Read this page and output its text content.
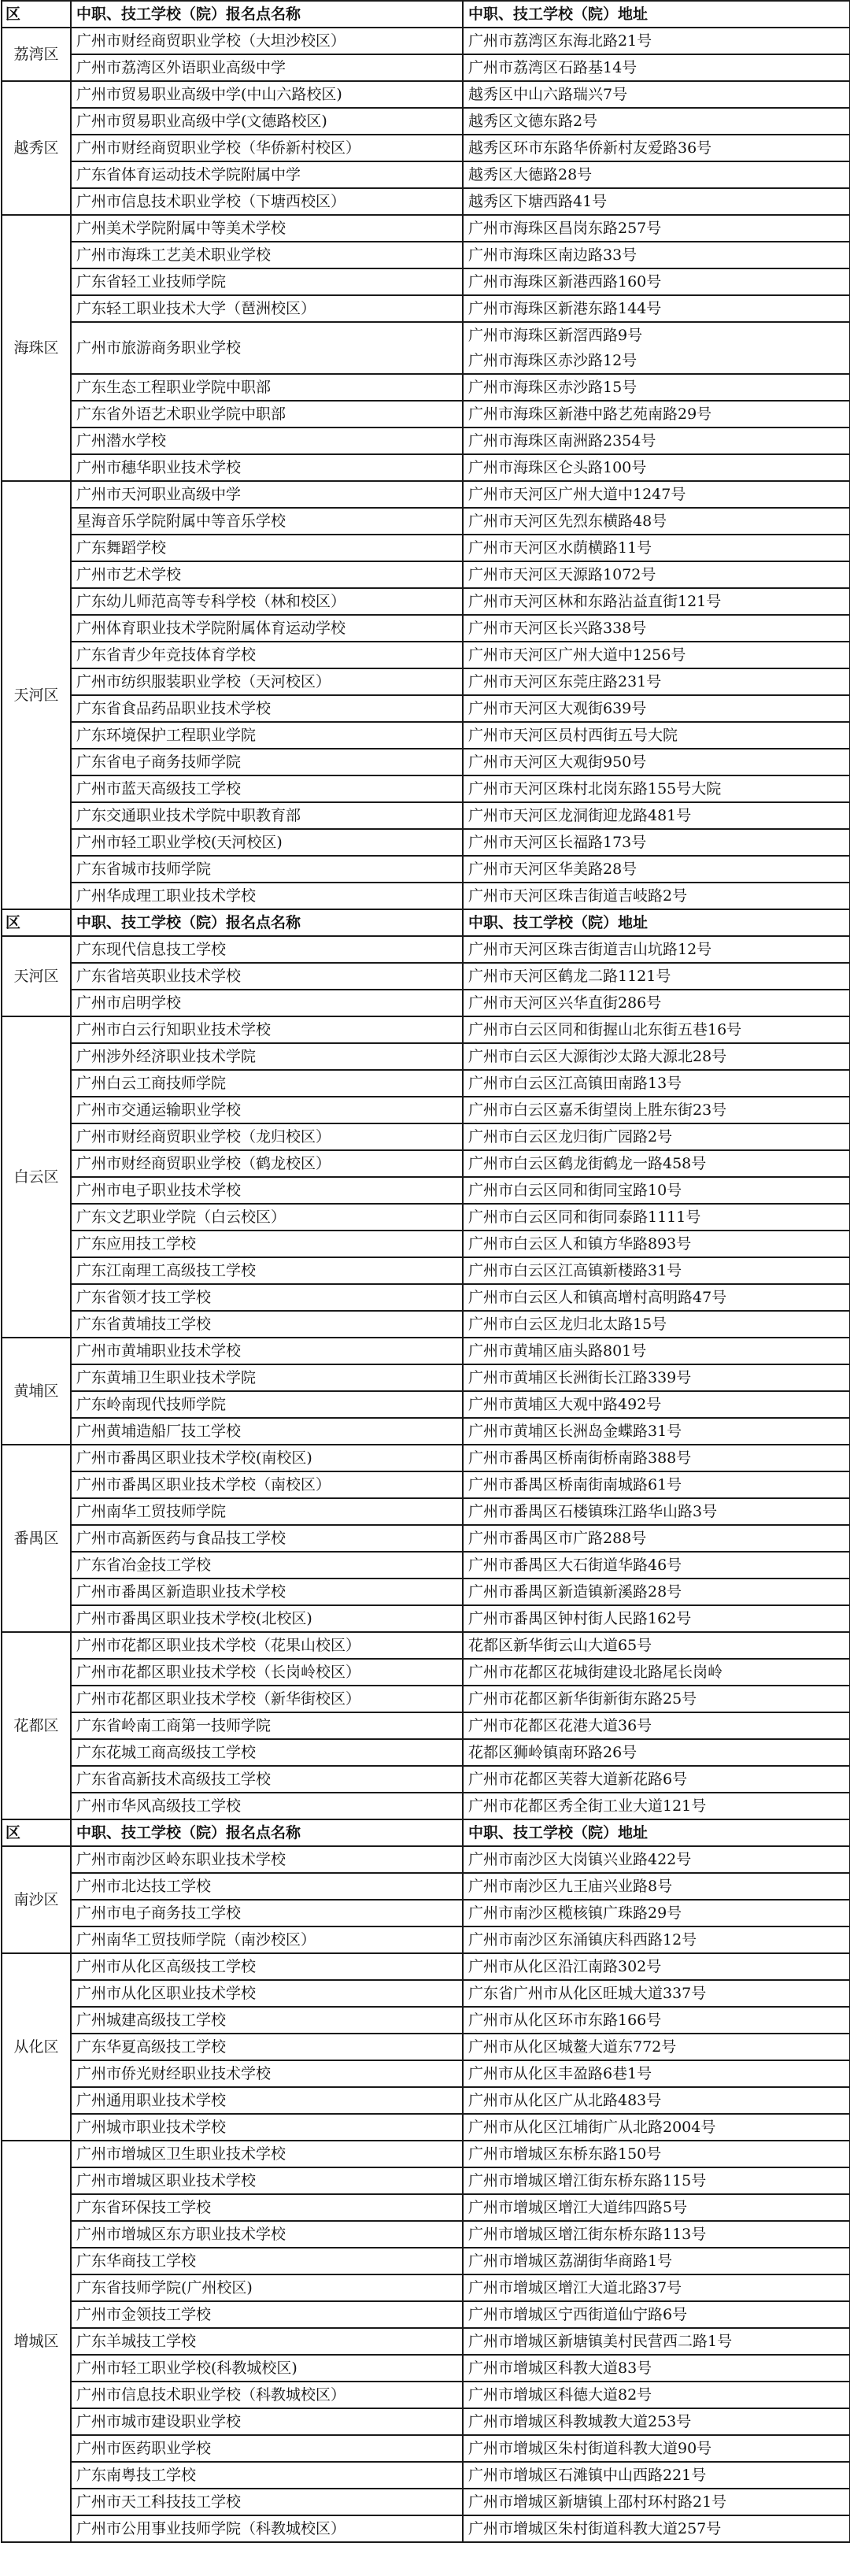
区	中职、技工学校（院）报名点名称	中职、技工学校（院）地址
荔湾区	广州市财经商贸职业学校（大坦沙校区）	广州市荔湾区东海北路21号
	广州市荔湾区外语职业高级中学	广州市荔湾区石路基14号
越秀区	广州市贸易职业高级中学(中山六路校区)	越秀区中山六路瑞兴7号
	广州市贸易职业高级中学(文德路校区)	越秀区文德东路2号
	广州市财经商贸职业学校（华侨新村校区）	越秀区环市东路华侨新村友爱路36号
	广东省体育运动技术学院附属中学	越秀区大德路28号
	广州市信息技术职业学校（下塘西校区）	越秀区下塘西路41号
海珠区	广州美术学院附属中等美术学校	广州市海珠区昌岗东路257号
	广州市海珠工艺美术职业学校	广州市海珠区南边路33号
	广东省轻工业技师学院	广州市海珠区新港西路160号
	广东轻工职业技术大学（琶洲校区）	广州市海珠区新港东路144号
	广州市旅游商务职业学校	广州市海珠区新滘西路9号
广州市海珠区赤沙路12号
	广东生态工程职业学院中职部	广州市海珠区赤沙路15号
	广东省外语艺术职业学院中职部	广州市海珠区新港中路艺苑南路29号
	广州潜水学校	广州市海珠区南洲路2354号
	广州市穗华职业技术学校	广州市海珠区仑头路100号
天河区	广州市天河职业高级中学	广州市天河区广州大道中1247号
	星海音乐学院附属中等音乐学校	广州市天河区先烈东横路48号
	广东舞蹈学校	广州市天河区水荫横路11号
	广州市艺术学校	广州市天河区天源路1072号
	广东幼儿师范高等专科学校（林和校区）	广州市天河区林和东路沾益直街121号
	广州体育职业技术学院附属体育运动学校	广州市天河区长兴路338号
	广东省青少年竞技体育学校	广州市天河区广州大道中1256号
	广州市纺织服装职业学校（天河校区）	广州市天河区东莞庄路231号
	广东省食品药品职业技术学校	广州市天河区大观街639号
	广东环境保护工程职业学院	广州市天河区员村西街五号大院
	广东省电子商务技师学院	广州市天河区大观街950号
	广州市蓝天高级技工学校	广州市天河区珠村北岗东路155号大院
	广东交通职业技术学院中职教育部	广州市天河区龙洞街迎龙路481号
	广州市轻工职业学校(天河校区)	广州市天河区长福路173号
	广东省城市技师学院	广州市天河区华美路28号
	广州华成理工职业技术学校	广州市天河区珠吉街道吉岐路2号
区	中职、技工学校（院）报名点名称	中职、技工学校（院）地址
天河区	广东现代信息技工学校	广州市天河区珠吉街道吉山坑路12号
	广东省培英职业技术学校	广州市天河区鹤龙二路1121号
	广州市启明学校	广州市天河区兴华直街286号
白云区	广州市白云行知职业技术学校	广州市白云区同和街握山北东街五巷16号
	广州涉外经济职业技术学院	广州市白云区大源街沙太路大源北28号
	广州白云工商技师学院	广州市白云区江高镇田南路13号
	广州市交通运输职业学校	广州市白云区嘉禾街望岗上胜东街23号
	广州市财经商贸职业学校（龙归校区）	广州市白云区龙归街广园路2号
	广州市财经商贸职业学校（鹤龙校区）	广州市白云区鹤龙街鹤龙一路458号
	广州市电子职业技术学校	广州市白云区同和街同宝路10号
	广东文艺职业学院（白云校区）	广州市白云区同和街同泰路1111号
	广东应用技工学校	广州市白云区人和镇方华路893号
	广东江南理工高级技工学校	广州市白云区江高镇新楼路31号
	广东省领才技工学校	广州市白云区人和镇高增村高明路47号
	广东省黄埔技工学校	广州市白云区龙归北太路15号
黄埔区	广州市黄埔职业技术学校	广州市黄埔区庙头路801号
	广东黄埔卫生职业技术学院	广州市黄埔区长洲街长江路339号
	广东岭南现代技师学院	广州市黄埔区大观中路492号
	广州黄埔造船厂技工学校	广州市黄埔区长洲岛金蝶路31号
番禺区	广州市番禺区职业技术学校(南校区)	广州市番禺区桥南街桥南路388号
	广州市番禺区职业技术学校（南校区）	广州市番禺区桥南街南城路61号
	广州南华工贸技师学院	广州市番禺区石楼镇珠江路华山路3号
	广州市高新医药与食品技工学校	广州市番禺区市广路288号
	广东省冶金技工学校	广州市番禺区大石街道华路46号
	广州市番禺区新造职业技术学校	广州市番禺区新造镇新溪路28号
	广州市番禺区职业技术学校(北校区)	广州市番禺区钟村街人民路162号
花都区	广州市花都区职业技术学校（花果山校区）	花都区新华街云山大道65号
	广州市花都区职业技术学校（长岗岭校区）	广州市花都区花城街建设北路尾长岗岭
	广州市花都区职业技术学校（新华街校区）	广州市花都区新华街新街东路25号
	广东省岭南工商第一技师学院	广州市花都区花港大道36号
	广东花城工商高级技工学校	花都区狮岭镇南环路26号
	广东省高新技术高级技工学校	广州市花都区芙蓉大道新花路6号
	广州市华风高级技工学校	广州市花都区秀全街工业大道121号
区	中职、技工学校（院）报名点名称	中职、技工学校（院）地址
南沙区	广州市南沙区岭东职业技术学校	广州市南沙区大岗镇兴业路422号
	广州市北达技工学校	广州市南沙区九王庙兴业路8号
	广州市电子商务技工学校	广州市南沙区榄核镇广珠路29号
	广州南华工贸技师学院（南沙校区）	广州市南沙区东涌镇庆科西路12号
从化区	广州市从化区高级技工学校	广州市从化区沿江南路302号
	广州市从化区职业技术学校	广东省广州市从化区旺城大道337号
	广州城建高级技工学校	广州市从化区环市东路166号
	广东华夏高级技工学校	广州市从化区城鳌大道东772号
	广州市侨光财经职业技术学校	广州市从化区丰盈路6巷1号
	广州通用职业技术学校	广州市从化区广从北路483号
	广州城市职业技术学校	广州市从化区江埔街广从北路2004号
增城区	广州市增城区卫生职业技术学校	广州市增城区东桥东路150号
	广州市增城区职业技术学校	广州市增城区增江街东桥东路115号
	广东省环保技工学校	广州市增城区增江大道纬四路5号
	广州市增城区东方职业技术学校	广州市增城区增江街东桥东路113号
	广东华商技工学校	广州市增城区荔湖街华商路1号
	广东省技师学院(广州校区)	广州市增城区增江大道北路37号
	广州市金领技工学校	广州市增城区宁西街道仙宁路6号
	广东羊城技工学校	广州市增城区新塘镇美村民营西二路1号
	广州市轻工职业学校(科教城校区)	广州市增城区科教大道83号
	广州市信息技术职业学校（科教城校区）	广州市增城区科德大道82号
	广州市城市建设职业学校	广州市增城区科教城教大道253号
	广州市医药职业学校	广州市增城区朱村街道科教大道90号
	广东南粤技工学校	广州市增城区石滩镇中山西路221号
	广州市天工科技技工学校	广州市增城区新塘镇上邵村环村路21号
	广州市公用事业技师学院（科教城校区）	广州市增城区朱村街道科教大道257号
